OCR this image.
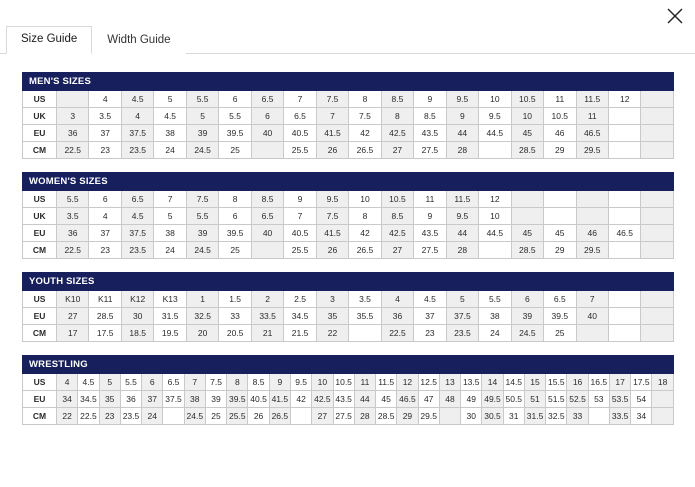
Size Guide	Width Guide
MEN'S SIZES																			
US		4	4.5	5	5.5	6	6.5	7	7.5	8	8.5	9	9.5	10	10.5	11	11.5	12	
UK	3	3.5	4	4.5	5	5.5	6	6.5	7	7.5	8	8.5	9	9.5	10	10.5	11		
EU	36	37	37.5	38	39	39.5	40	40.5	41.5	42	42.5	43.5	44	44.5	45	46	46.5		
CM	22.5	23	23.5	24	24.5	25		25.5	26	26.5	27	27.5	28		28.5	29	29.5		
WOMEN'S SIZES																			
US	5.5	6	6.5	7	7.5	8	8.5	9	9.5	10	10.5	11	11.5	12					
UK	3.5	4	4.5	5	5.5	6	6.5	7	7.5	8	8.5	9	9.5	10					
EU	36	37	37.5	38	39	39.5	40	40.5	41.5	42	42.5	43.5	44	44.5	45	45	46	46.5	
CM	22.5	23	23.5	24	24.5	25		25.5	26	26.5	27	27.5	28		28.5	29	29.5		
YOUTH SIZES																			
US	K10	K11	K12	K13	1	1.5	2	2.5	3	3.5	4	4.5	5	5.5	6	6.5	7		
EU	27	28.5	30	31.5	32.5	33	33.5	34.5	35	35.5	36	37	37.5	38	39	39.5	40		
CM	17	17.5	18.5	19.5	20	20.5	21	21.5	22		22.5	23	23.5	24	24.5	25			
WRESTLING																													
US	4	4.5	5	5.5	6	6.5	7	7.5	8	8.5	9	9.5	10	10.5	11	11.5	12	12.5	13	13.5	14	14.5	15	15.5	16	16.5	17	17.5	18
EU	34	34.5	35	36	37	37.5	38	39	39.5	40.5	41.5	42	42.5	43.5	44	45	46.5	47	48	49	49.5	50.5	51	51.5	52.5	53	53.5	54	
CM	22	22.5	23	23.5	24		24.5	25	25.5	26	26.5		27	27.5	28	28.5	29	29.5		30	30.5	31	31.5	32.5	33		33.5	34	
